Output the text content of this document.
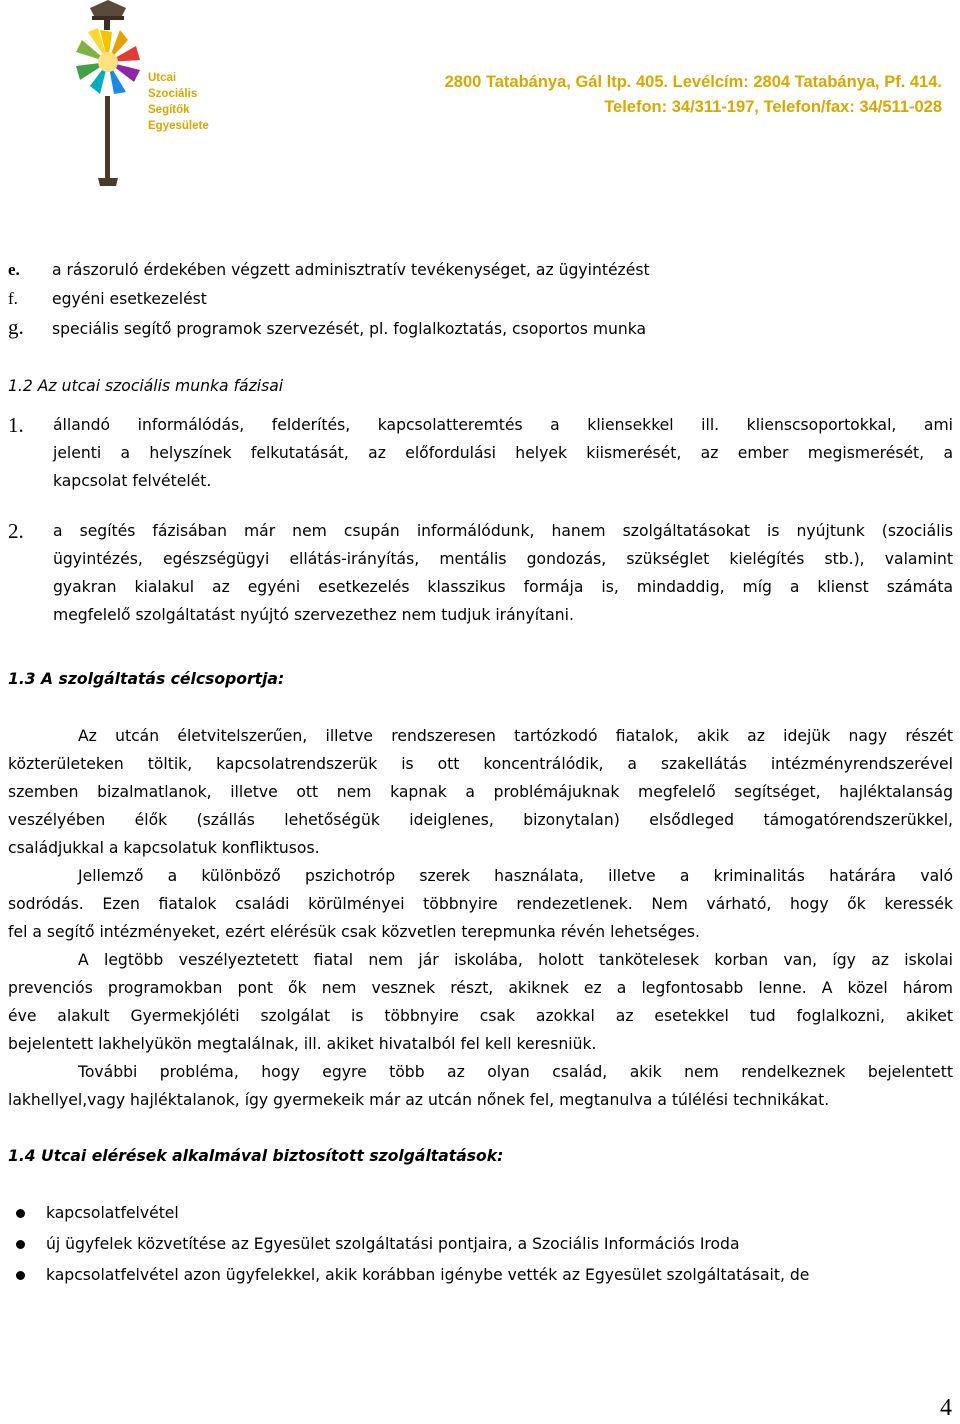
Utcai
Szociális
Segítők
Egyesülete
2800 Tatabánya, Gál ltp. 405. Levélcím: 2804 Tatabánya, Pf. 414.
Telefon: 34/311-197, Telefon/fax: 34/511-028
e. a rászoruló érdekében végzett adminisztratív tevékenységet, az ügyintézést
f. egyéni esetkezelést
g. speciális segítő programok szervezését, pl. foglalkoztatás, csoportos munka
1.2 Az utcai szociális munka fázisai
1. állandó informálódás, felderítés, kapcsolatteremtés a kliensekkel ill. klienscsoportokkal, ami
jelenti a helyszínek felkutatását, az előfordulási helyek kiismerését, az ember megismerését, a
kapcsolat felvételét.
2. a segítés fázisában már nem csupán informálódunk, hanem szolgáltatásokat is nyújtunk (szociális
ügyintézés, egészségügyi ellátás-irányítás, mentális gondozás, szükséglet kielégítés stb.), valamint
gyakran kialakul az egyéni esetkezelés klasszikus formája is, mindaddig, míg a klienst számáta
megfelelő szolgáltatást nyújtó szervezethez nem tudjuk irányítani.
1.3 A szolgáltatás célcsoportja:
Az utcán életvitelszerűen, illetve rendszeresen tartózkodó fiatalok, akik az idejük nagy részét
közterületeken töltik, kapcsolatrendszerük is ott koncentrálódik, a szakellátás intézményrendszerével
szemben bizalmatlanok, illetve ott nem kapnak a problémájuknak megfelelő segítséget, hajléktalanság
veszélyében élők (szállás lehetőségük ideiglenes, bizonytalan) elsődleged támogatórendszerükkel,
családjukkal a kapcsolatuk konfliktusos.
Jellemző a különböző pszichotróp szerek használata, illetve a kriminalitás határára való
sodródás. Ezen fiatalok családi körülményei többnyire rendezetlenek. Nem várható, hogy ők keressék
fel a segítő intézményeket, ezért elérésük csak közvetlen terepmunka révén lehetséges.
A legtöbb veszélyeztetett fiatal nem jár iskolába, holott tankötelesek korban van, így az iskolai
prevenciós programokban pont ők nem vesznek részt, akiknek ez a legfontosabb lenne. A közel három
éve alakult Gyermekjóléti szolgálat is többnyire csak azokkal az esetekkel tud foglalkozni, akiket
bejelentett lakhelyükön megtalálnak, ill. akiket hivatalból fel kell keresniük.
További probléma, hogy egyre több az olyan család, akik nem rendelkeznek bejelentett
lakhellyel,vagy hajléktalanok, így gyermekeik már az utcán nőnek fel, megtanulva a túlélési technikákat.
1.4 Utcai elérések alkalmával biztosított szolgáltatások:
kapcsolatfelvétel
új ügyfelek közvetítése az Egyesület szolgáltatási pontjaira, a Szociális Információs Iroda
kapcsolatfelvétel azon ügyfelekkel, akik korábban igénybe vették az Egyesület szolgáltatásait, de
4
